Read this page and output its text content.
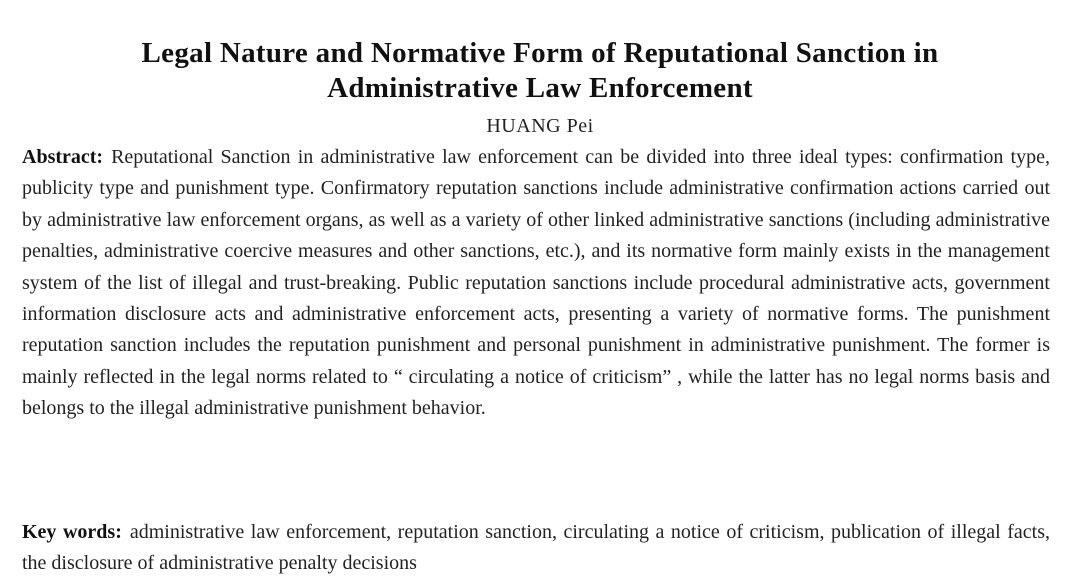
Legal Nature and Normative Form of Reputational Sanction in
Administrative Law Enforcement
HUANG Pei
Abstract: Reputational Sanction in administrative law enforcement can be divided into three ideal types: confirmation type, publicity type and punishment type. Confirmatory reputation sanctions include administrative confirmation actions carried out by administrative law enforcement organs, as well as a variety of other linked administrative sanctions (including administrative penalties, administrative coercive measures and other sanctions, etc.), and its normative form mainly exists in the management system of the list of illegal and trust-breaking. Public reputation sanctions include procedural administrative acts, government information disclosure acts and administrative enforcement acts, presenting a variety of normative forms. The punishment reputation sanction includes the reputation punishment and personal punishment in administrative punishment. The former is mainly reflected in the legal norms related to “ circulating a notice of criticism” , while the latter has no legal norms basis and belongs to the illegal administrative punishment behavior.
Key words: administrative law enforcement, reputation sanction, circulating a notice of criticism, publication of illegal facts, the disclosure of administrative penalty decisions
